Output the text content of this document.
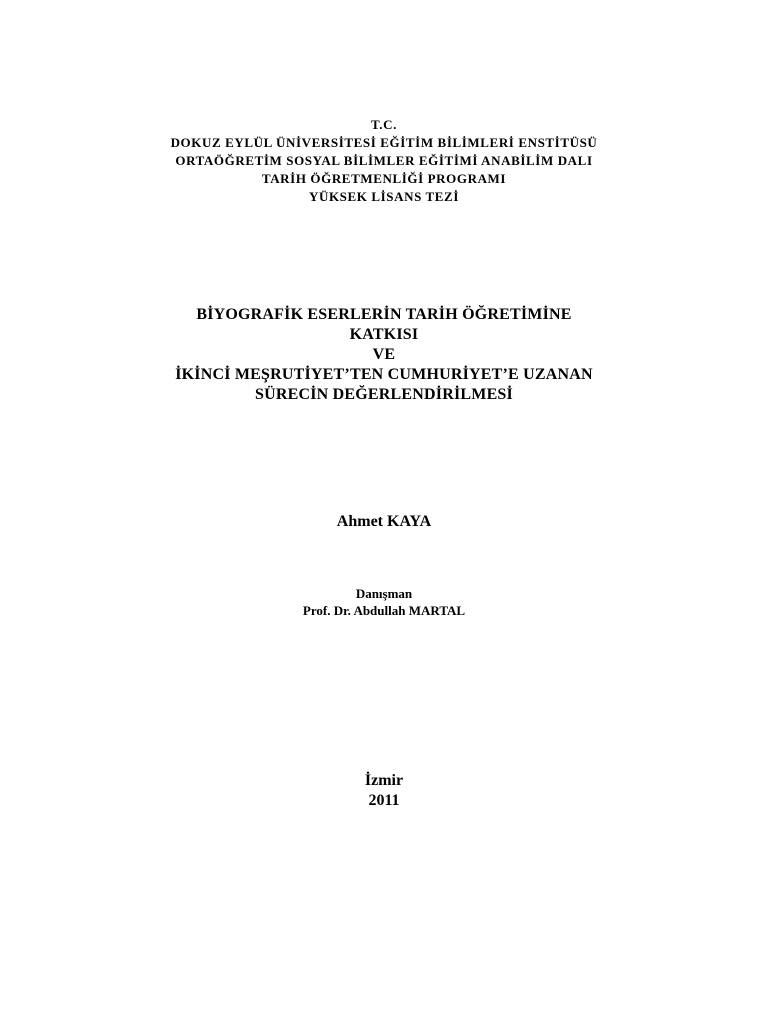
T.C.
DOKUZ EYLÜL ÜNİVERSİTESİ EĞİTİM BİLİMLERİ ENSTİTÜSÜ
ORTAÖĞRETİM SOSYAL BİLİMLER EĞİTİMİ ANABİLİM DALI
TARİH ÖĞRETMENLİĞİ PROGRAMI
YÜKSEK LİSANS TEZİ
BİYOGRAFİK ESERLERİN TARİH ÖĞRETİMİNE
KATKISI
VE
İKİNCİ MEŞRUTİYET’TEN CUMHURİYET’E UZANAN
SÜRECİN DEĞERLENDİRİLMESİ
Ahmet KAYA
Danışman
Prof. Dr. Abdullah MARTAL
İzmir
2011
